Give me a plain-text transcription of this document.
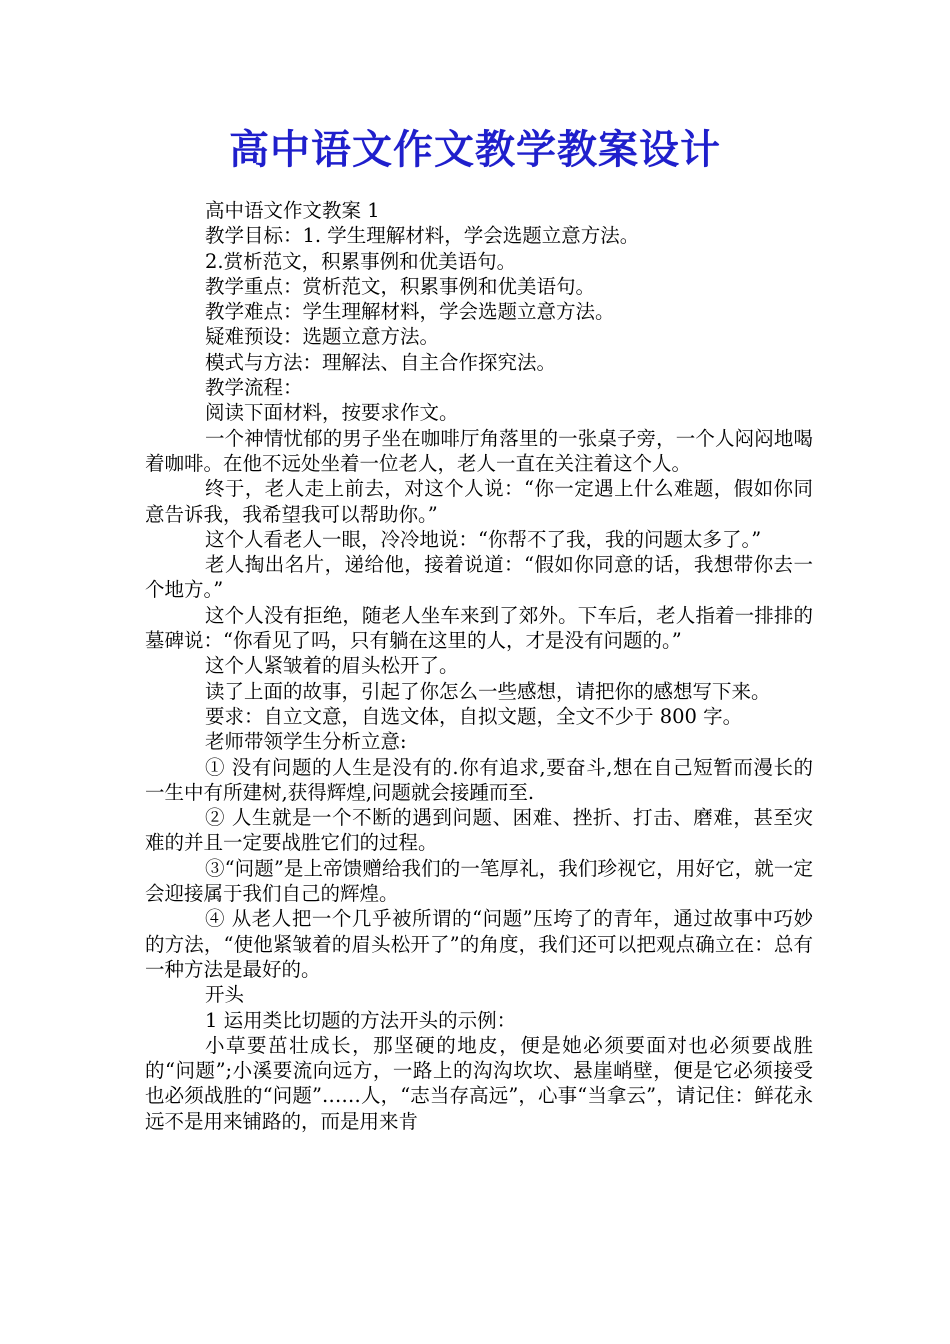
高中语文作文教学教案设计

高中语文作文教案 1

教学目标：1. 学生理解材料，学会选题立意方法。

2.赏析范文，积累事例和优美语句。

教学重点：赏析范文，积累事例和优美语句。

教学难点：学生理解材料，学会选题立意方法。

疑难预设：选题立意方法。

模式与方法：理解法、自主合作探究法。

教学流程：

阅读下面材料，按要求作文。

一个神情忧郁的男子坐在咖啡厅角落里的一张桌子旁，一个人闷闷地喝着咖啡。在他不远处坐着一位老人，老人一直在关注着这个人。

终于，老人走上前去，对这个人说：“你一定遇上什么难题，假如你同意告诉我，我希望我可以帮助你。”

这个人看老人一眼，冷冷地说：“你帮不了我，我的问题太多了。”

老人掏出名片，递给他，接着说道：“假如你同意的话，我想带你去一个地方。”

这个人没有拒绝，随老人坐车来到了郊外。下车后，老人指着一排排的墓碑说：“你看见了吗，只有躺在这里的人，才是没有问题的。”

这个人紧皱着的眉头松开了。

读了上面的故事，引起了你怎么一些感想，请把你的感想写下来。

要求：自立文意，自选文体，自拟文题，全文不少于 800 字。

老师带领学生分析立意:

① 没有问题的人生是没有的.你有追求,要奋斗,想在自己短暂而漫长的一生中有所建树,获得辉煌,问题就会接踵而至.

② 人生就是一个不断的遇到问题、困难、挫折、打击、磨难，甚至灾难的并且一定要战胜它们的过程。

③“问题”是上帝馈赠给我们的一笔厚礼，我们珍视它，用好它，就一定会迎接属于我们自己的辉煌。

④ 从老人把一个几乎被所谓的“问题”压垮了的青年，通过故事中巧妙的方法，“使他紧皱着的眉头松开了”的角度，我们还可以把观点确立在：总有一种方法是最好的。

开头

1 运用类比切题的方法开头的示例：

小草要茁壮成长，那坚硬的地皮，便是她必须要面对也必须要战胜的“问题”;小溪要流向远方，一路上的沟沟坎坎、悬崖峭壁，便是它必须接受也必须战胜的“问题”……人，“志当存高远”，心事“当拿云”，请记住：鲜花永远不是用来铺路的，而是用来肯
